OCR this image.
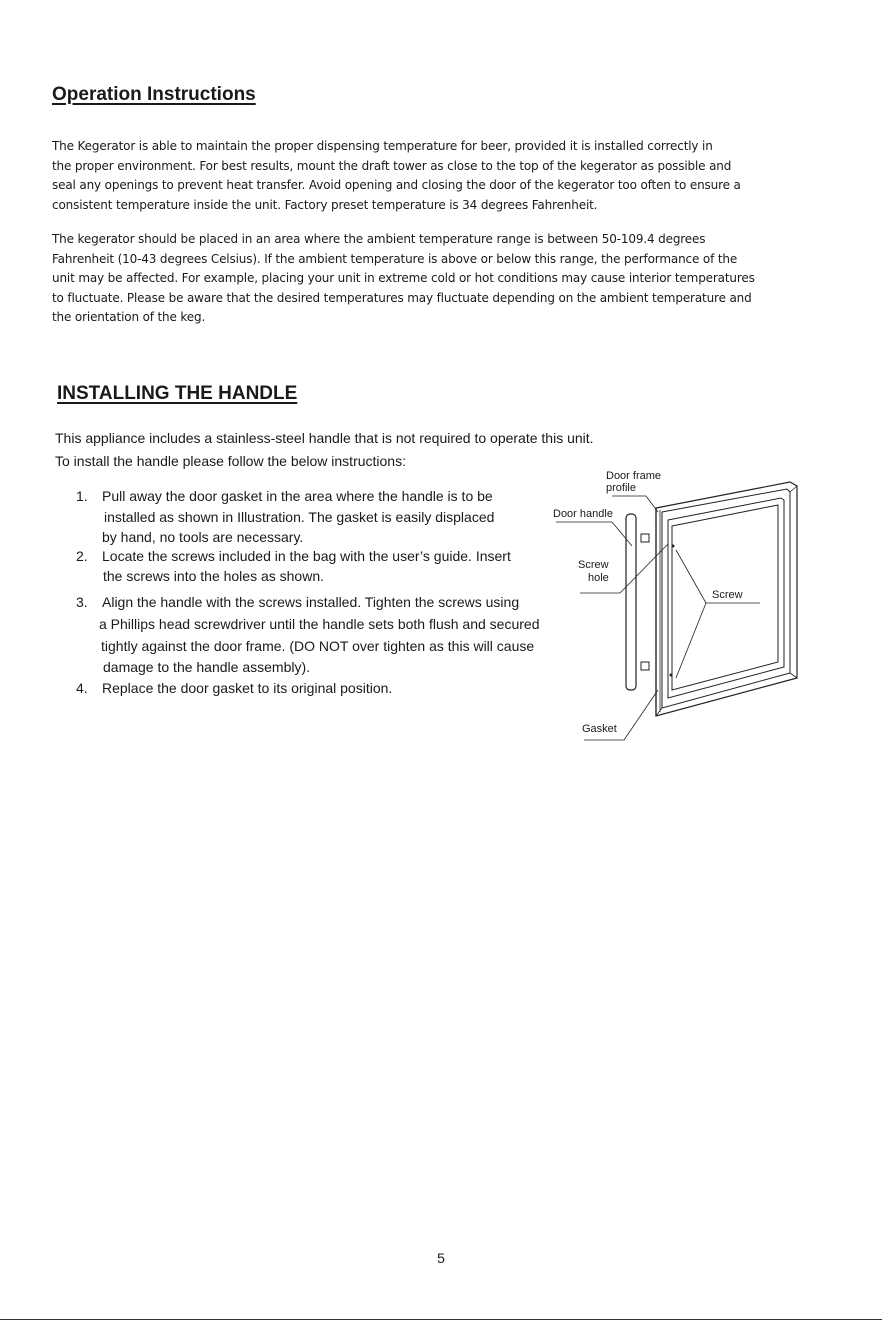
Operation Instructions

The Kegerator is able to maintain the proper dispensing temperature for beer, provided it is installed correctly in
the proper environment. For best results, mount the draft tower as close to the top of the kegerator as possible and
seal any openings to prevent heat transfer. Avoid opening and closing the door of the kegerator too often to ensure a
consistent temperature inside the unit. Factory preset temperature is 34 degrees Fahrenheit.

The kegerator should be placed in an area where the ambient temperature range is between 50-109.4 degrees
Fahrenheit (10-43 degrees Celsius). If the ambient temperature is above or below this range, the performance of the
unit may be affected. For example, placing your unit in extreme cold or hot conditions may cause interior temperatures
to fluctuate. Please be aware that the desired temperatures may fluctuate depending on the ambient temperature and
the orientation of the keg.

INSTALLING THE HANDLE

This appliance includes a stainless-steel handle that is not required to operate this unit.

To install the handle please follow the below instructions:

1. Pull away the door gasket in the area where the handle is to be
installed as shown in Illustration. The gasket is easily displaced
by hand, no tools are necessary.
2. Locate the screws included in the bag with the user’s guide. Insert
the screws into the holes as shown.
3. Align the handle with the screws installed. Tighten the screws using
a Phillips head screwdriver until the handle sets both flush and secured
tightly against the door frame. (DO NOT over tighten as this will cause
damage to the handle assembly).
4. Replace the door gasket to its original position.
Door frame
profile
Door handle
Screw
hole
Screw
Gasket
5
